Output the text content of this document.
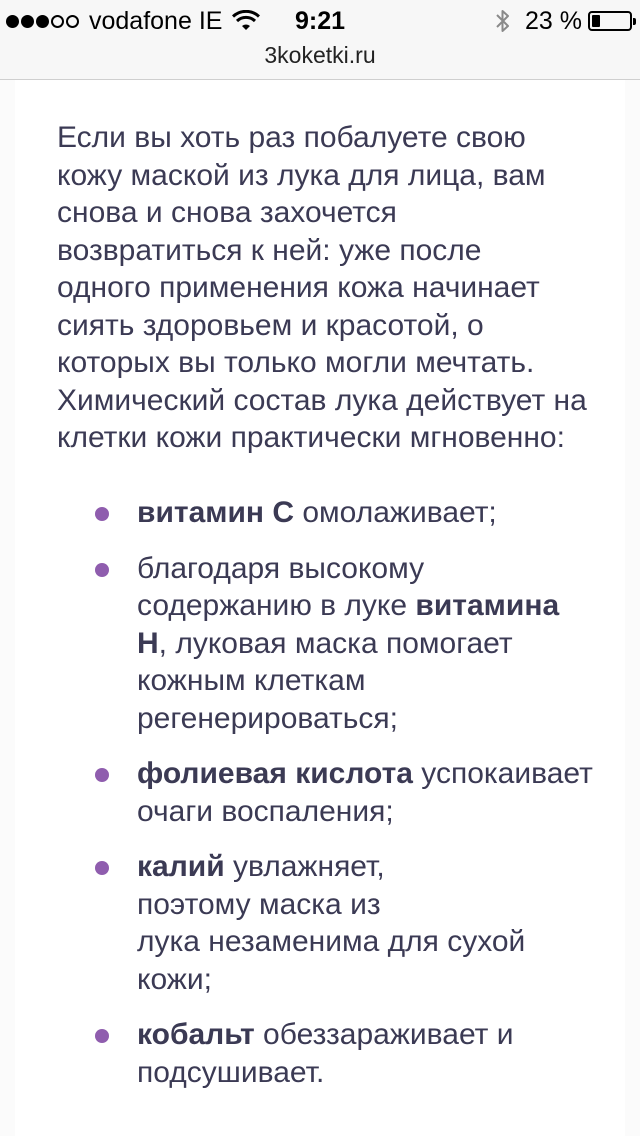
vodafone IE	9:21	23 %
3koketki.ru

Если вы хоть раз побалуете свою
кожу маской из лука для лица, вам
снова и снова захочется
возвратиться к ней: уже после
одного применения кожа начинает
сиять здоровьем и красотой, о
которых вы только могли мечтать.
Химический состав лука действует на
клетки кожи практически мгновенно:

витамин С омолаживает;
благодаря высокому
содержанию в луке витамина
Н, луковая маска помогает
кожным клеткам
регенерироваться;
фолиевая кислота успокаивает
очаги воспаления;
калий увлажняет,
поэтому маска из
лука незаменима для сухой
кожи;
кобальт обеззараживает и
подсушивает.
